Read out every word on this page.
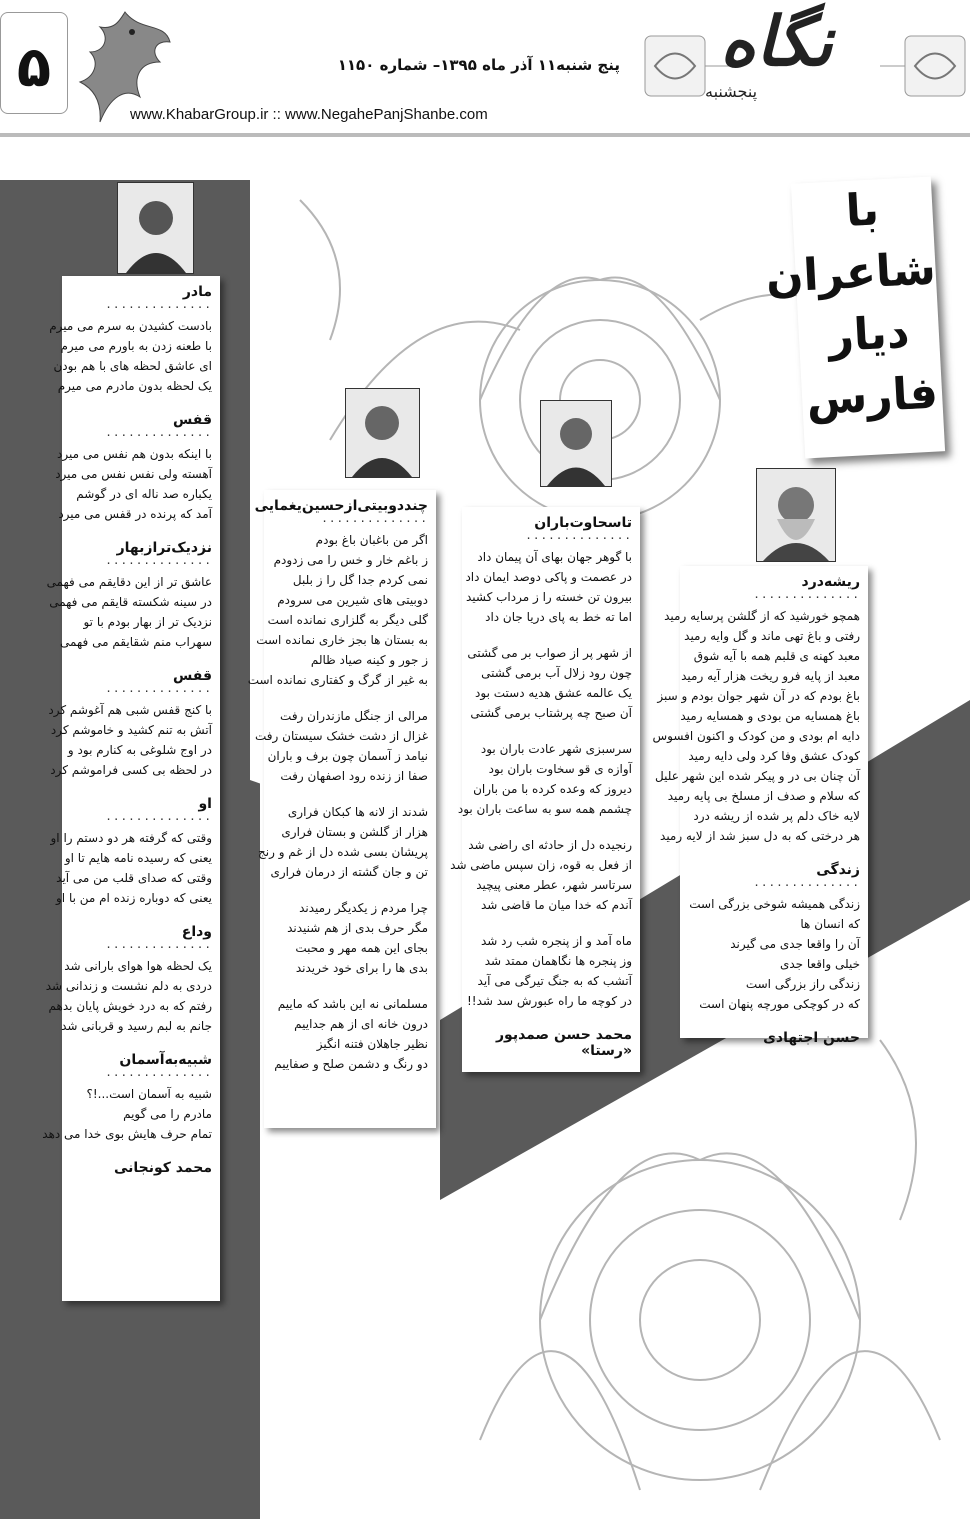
۵	پنج شنبه۱۱ آذر ماه ۱۳۹۵– شماره ۱۱۵۰
www.KhabarGroup.ir :: www.NegahePanjShanbe.com
نگاه
پنجشنبه
با
شاعران
دیار
فارس
مادر
..............
بادست کشیدن به سرم می میرم
با طعنه زدن به باورم می میرم
ای عاشق لحظه های با هم بودن
یک لحظه بدون مادرم می میرم
قفس
..............
با اینکه بدون هم نفس می میرد
آهسته ولی نفس نفس می میرد
یکباره صد ناله ای در گوشم
آمد که پرنده در قفس می میرد
نزدیک‌ترازبهار
..............
عاشق تر از این دقایقم می فهمی
در سینه شکسته قایقم می فهمی
نزدیک تر از بهار بودم با تو
سهراب منم شقایقم می فهمی
قفس
..............
با کنج قفس شبی هم آغوشم کرد
آتش به تنم کشید و خاموشم کرد
در اوج شلوغی به کنارم بود و
در لحظه بی کسی فراموشم کرد
او
..............
وقتی که گرفته هر دو دستم را او
یعنی که رسیده نامه هایم تا او
وقتی که صدای قلب من می آید
یعنی که دوباره زنده ام من با او
وداع
..............
یک لحظه هوا هوای بارانی شد
دردی به دلم نشست و زندانی شد
رفتم که به درد خویش پایان بدهم
جانم به لبم رسید و قربانی شد
شبیه‌به‌آسمان
..............
شبیه به آسمان است...!؟
مادرم را می گویم
تمام حرف هایش بوی خدا می دهد
محمد کونجانی
چنددوبیتی‌ازحسین‌یغمایی
..............
اگر من باغبان باغ بودم
ز باغم خار و خس را می زدودم
نمی کردم جدا گل را ز بلبل
دوبیتی های شیرین می سرودم
گلی دیگر به گلزاری نمانده است
به بستان ها بجز خاری نمانده است
ز جور و کینه صیاد ظالم
به غیر از گرگ و کفتاری نمانده است
مرالی از جنگل مازندران رفت
غزال از دشت خشک سیستان رفت
نیامد ز آسمان چون برف و باران
صفا از زنده رود اصفهان رفت
شدند از لانه ها کبکان فراری
هزار از گلشن و بستان فراری
پریشان بسی شده دل از غم و رنج
تن و جان گشته از درمان فراری
چرا مردم ز یکدیگر رمیدند
مگر حرف بدی از هم شنیدند
بجای این همه مهر و محبت
بدی ها را برای خود خریدند
مسلمانی نه این باشد که ماییم
درون خانه ای از هم جداییم
نظیر جاهلان فتنه انگیز
دو رنگ و دشمن صلح و صفاییم
تاسحاوت‌باران
..............
با گوهر جهان بهای آن پیمان داد
در عصمت و پاکی دوصد ایمان داد
بیرون تن خسته را ز مرداب کشید
اما ته خط به پای دریا جان داد
از شهر پر از صواب بر می گشتی
چون رود زلال آب برمی گشتی
یک عالمه عشق هدیه دستت بود
آن صبح چه پرشتاب برمی گشتی
سرسبزی شهر عادت باران بود
آوازه ی قو سخاوت باران بود
دیروز که وعده کرده با من باران
چشمم همه سو به ساعت باران بود
رنجیده دل از حادثه ای راضی شد
از فعل به قوه، زان سپس ماضی شد
سرتاسر شهر، عطر معنی پیچید
آندم که خدا میان ما قاضی شد
ماه آمد و از پنجره شب رد شد
وز پنجره ها نگاهمان ممتد شد
آتشب که به جنگ تیرگی می آید
در کوچه ما راه عبورش سد شد!!
محمد حسن صمدپور «رستا»
ریشه‌درد
..............
همچو خورشید که از گلشن پرسایه رمید
رفتی و باغ تهی ماند و گل وایه رمید
معبد کهنه ی قلبم همه با آیه شوق
معبد از پایه فرو ریخت هزار آیه رمید
باغ بودم که در آن شهر جوان بودم و سبز
باغ همسایه من بودی و همسایه رمید
دایه ام بودی و من کودک و اکنون افسوس
کودک عشق وفا کرد ولی دایه رمید
آن چنان بی در و پیکر شده این شهر علیل
که سلام و صدف از مسلخ بی پایه رمید
لایه خاک دلم پر شده از ریشه درد
هر درختی که به دل سبز شد از لایه رمید
زندگی
..............
زندگی همیشه شوخی بزرگی است
که انسان ها
آن را واقعا جدی می گیرند
خیلی واقعا جدی
زندگی راز بزرگی است
که در کوچکی مورچه پنهان است
حسن اجتهادی
